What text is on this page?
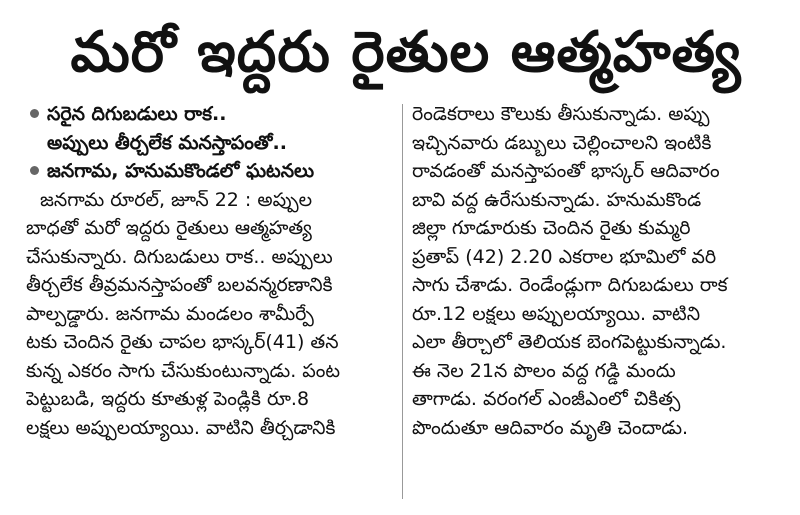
మరో ఇద్దరు రైతుల ఆత్మహత్య
సరైన దిగుబడులు రాక..
అప్పులు తీర్చలేక మనస్తాపంతో..
జనగామ, హనుమకొండలో ఘటనలు
జనగామ రూరల్, జూన్ 22 : అప్పుల
బాధతో మరో ఇద్దరు రైతులు ఆత్మహత్య
చేసుకున్నారు. దిగుబడులు రాక.. అప్పులు
తీర్చలేక తీవ్రమనస్తాపంతో బలవన్మరణానికి
పాల్పడ్డారు. జనగామ మండలం శామీర్పే
టకు చెందిన రైతు చాపల భాస్కర్(41) తన
కున్న ఎకరం సాగు చేసుకుంటున్నాడు. పంట
పెట్టుబడి, ఇద్దరు కూతుళ్ల పెండ్లికి రూ.8
లక్షలు అప్పులయ్యాయి. వాటిని తీర్చడానికి
రెండెకరాలు కౌలుకు తీసుకున్నాడు. అప్పు
ఇచ్చినవారు డబ్బులు చెల్లించాలని ఇంటికి
రావడంతో మనస్తాపంతో భాస్కర్ ఆదివారం
బావి వద్ద ఉరేసుకున్నాడు. హనుమకొండ
జిల్లా గూడూరుకు చెందిన రైతు కుమ్మరి
ప్రతాప్ (42) 2.20 ఎకరాల భూమిలో వరి
సాగు చేశాడు. రెండేండ్లుగా దిగుబడులు రాక
రూ.12 లక్షలు అప్పులయ్యాయి. వాటిని
ఎలా తీర్చాలో తెలియక బెంగపెట్టుకున్నాడు.
ఈ నెల 21న పొలం వద్ద గడ్డి మందు
తాగాడు. వరంగల్ ఎంజీఎంలో చికిత్స
పొందుతూ ఆదివారం మృతి చెందాడు.
